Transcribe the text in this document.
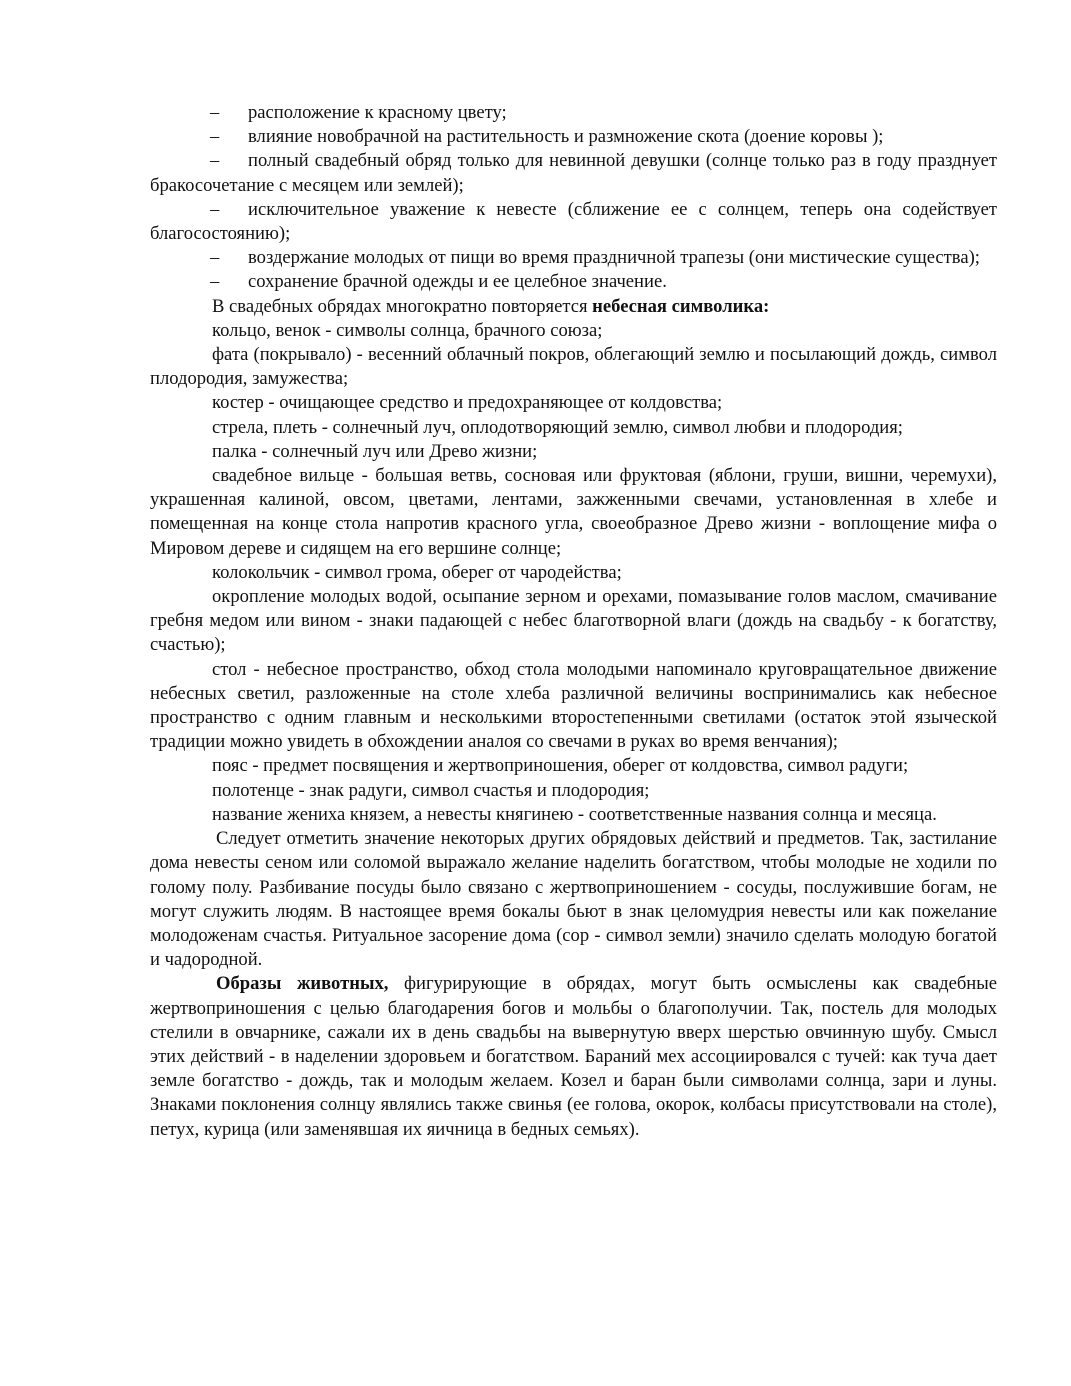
– расположение к красному цвету;

– влияние новобрачной на растительность и размножение скота (доение коровы );

– полный свадебный обряд только для невинной девушки (солнце только раз в году празднует бракосочетание с месяцем или землей);

– исключительное уважение к невесте (сближение ее с солнцем, теперь она содействует благосостоянию);

– воздержание молодых от пищи во время праздничной трапезы (они мистические существа);

– сохранение брачной одежды и ее целебное значение.

В свадебных обрядах многократно повторяется небесная символика:

кольцо, венок - символы солнца, брачного союза;

фата (покрывало) - весенний облачный покров, облегающий землю и посылающий дождь, символ плодородия, замужества;

костер - очищающее средство и предохраняющее от колдовства;

стрела, плеть - солнечный луч, оплодотворяющий землю, символ любви и плодородия;

палка - солнечный луч или Древо жизни;

свадебное вильце - большая ветвь, сосновая или фруктовая (яблони, груши, вишни, черемухи), украшенная калиной, овсом, цветами, лентами, зажженными свечами, установленная в хлебе и помещенная на конце стола напротив красного угла, своеобразное Древо жизни - воплощение мифа о Мировом дереве и сидящем на его вершине солнце;

колокольчик - символ грома, оберег от чародейства;

окропление молодых водой, осыпание зерном и орехами, помазывание голов маслом, смачивание гребня медом или вином - знаки падающей с небес благотворной влаги (дождь на свадьбу - к богатству, счастью);

стол - небесное пространство, обход стола молодыми напоминало круговращательное движение небесных светил, разложенные на столе хлеба различной величины воспринимались как небесное пространство с одним главным и несколькими второстепенными светилами (остаток этой языческой традиции можно увидеть в обхождении аналоя со свечами в руках во время венчания);

пояс - предмет посвящения и жертвоприношения, оберег от колдовства, символ радуги;

полотенце - знак радуги, символ счастья и плодородия;

название жениха князем, а невесты княгинею - соответственные названия солнца и месяца.

Следует отметить значение некоторых других обрядовых действий и предметов. Так, застилание дома невесты сеном или соломой выражало желание наделить богатством, чтобы молодые не ходили по голому полу. Разбивание посуды было связано с жертвоприношением - сосуды, послужившие богам, не могут служить людям. В настоящее время бокалы бьют в знак целомудрия невесты или как пожелание молодоженам счастья. Ритуальное засорение дома (сор - символ земли) значило сделать молодую богатой и чадородной.

Образы животных, фигурирующие в обрядах, могут быть осмыслены как свадебные жертвоприношения с целью благодарения богов и мольбы о благополучии. Так, постель для молодых стелили в овчарнике, сажали их в день свадьбы на вывернутую вверх шерстью овчинную шубу. Смысл этих действий - в наделении здоровьем и богатством. Бараний мех ассоциировался с тучей: как туча дает земле богатство - дождь, так и молодым желаем. Козел и баран были символами солнца, зари и луны. Знаками поклонения солнцу являлись также свинья (ее голова, окорок, колбасы присутствовали на столе), петух, курица (или заменявшая их яичница в бедных семьях).
